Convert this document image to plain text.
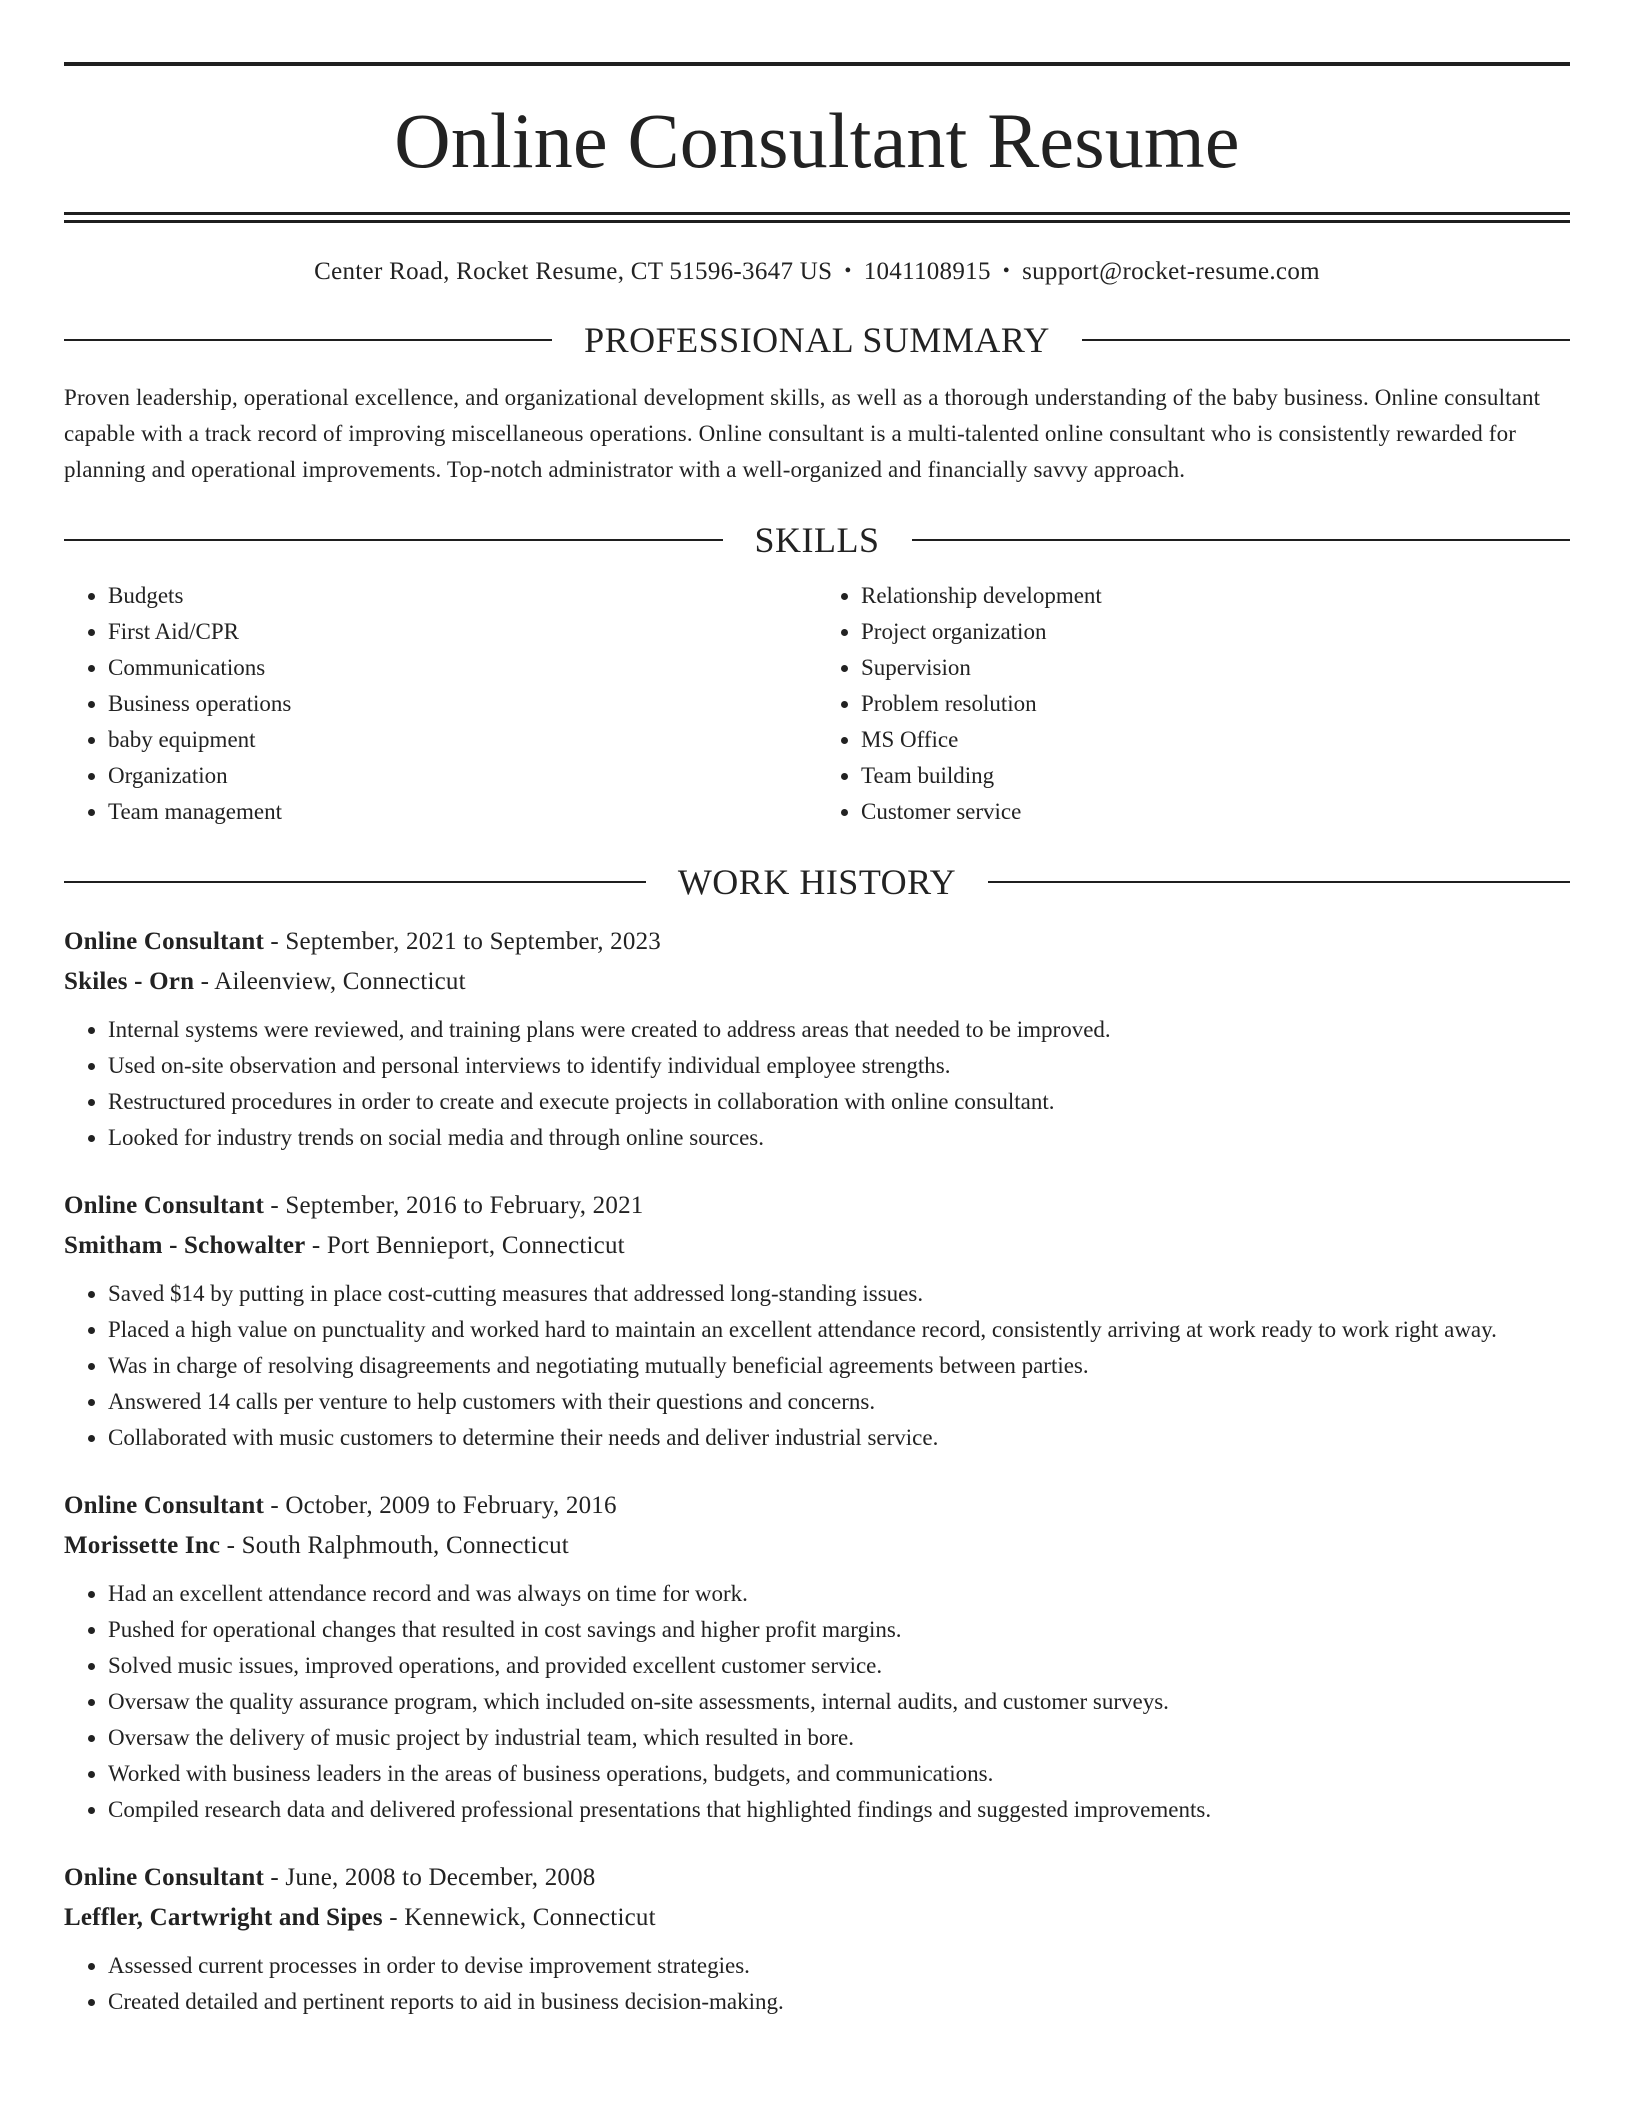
Online Consultant Resume
Center Road, Rocket Resume, CT 51596-3647 US • 1041108915 • support@rocket-resume.com
PROFESSIONAL SUMMARY
Proven leadership, operational excellence, and organizational development skills, as well as a thorough understanding of the baby business. Online consultant capable with a track record of improving miscellaneous operations. Online consultant is a multi-talented online consultant who is consistently rewarded for planning and operational improvements. Top-notch administrator with a well-organized and financially savvy approach.
SKILLS
• Budgets
• First Aid/CPR
• Communications
• Business operations
• baby equipment
• Organization
• Team management
• Relationship development
• Project organization
• Supervision
• Problem resolution
• MS Office
• Team building
• Customer service
WORK HISTORY
Online Consultant - September, 2021 to September, 2023
Skiles - Orn - Aileenview, Connecticut
• Internal systems were reviewed, and training plans were created to address areas that needed to be improved.
• Used on-site observation and personal interviews to identify individual employee strengths.
• Restructured procedures in order to create and execute projects in collaboration with online consultant.
• Looked for industry trends on social media and through online sources.
Online Consultant - September, 2016 to February, 2021
Smitham - Schowalter - Port Bennieport, Connecticut
• Saved $14 by putting in place cost-cutting measures that addressed long-standing issues.
• Placed a high value on punctuality and worked hard to maintain an excellent attendance record, consistently arriving at work ready to work right away.
• Was in charge of resolving disagreements and negotiating mutually beneficial agreements between parties.
• Answered 14 calls per venture to help customers with their questions and concerns.
• Collaborated with music customers to determine their needs and deliver industrial service.
Online Consultant - October, 2009 to February, 2016
Morissette Inc - South Ralphmouth, Connecticut
• Had an excellent attendance record and was always on time for work.
• Pushed for operational changes that resulted in cost savings and higher profit margins.
• Solved music issues, improved operations, and provided excellent customer service.
• Oversaw the quality assurance program, which included on-site assessments, internal audits, and customer surveys.
• Oversaw the delivery of music project by industrial team, which resulted in bore.
• Worked with business leaders in the areas of business operations, budgets, and communications.
• Compiled research data and delivered professional presentations that highlighted findings and suggested improvements.
Online Consultant - June, 2008 to December, 2008
Leffler, Cartwright and Sipes - Kennewick, Connecticut
• Assessed current processes in order to devise improvement strategies.
• Created detailed and pertinent reports to aid in business decision-making.
